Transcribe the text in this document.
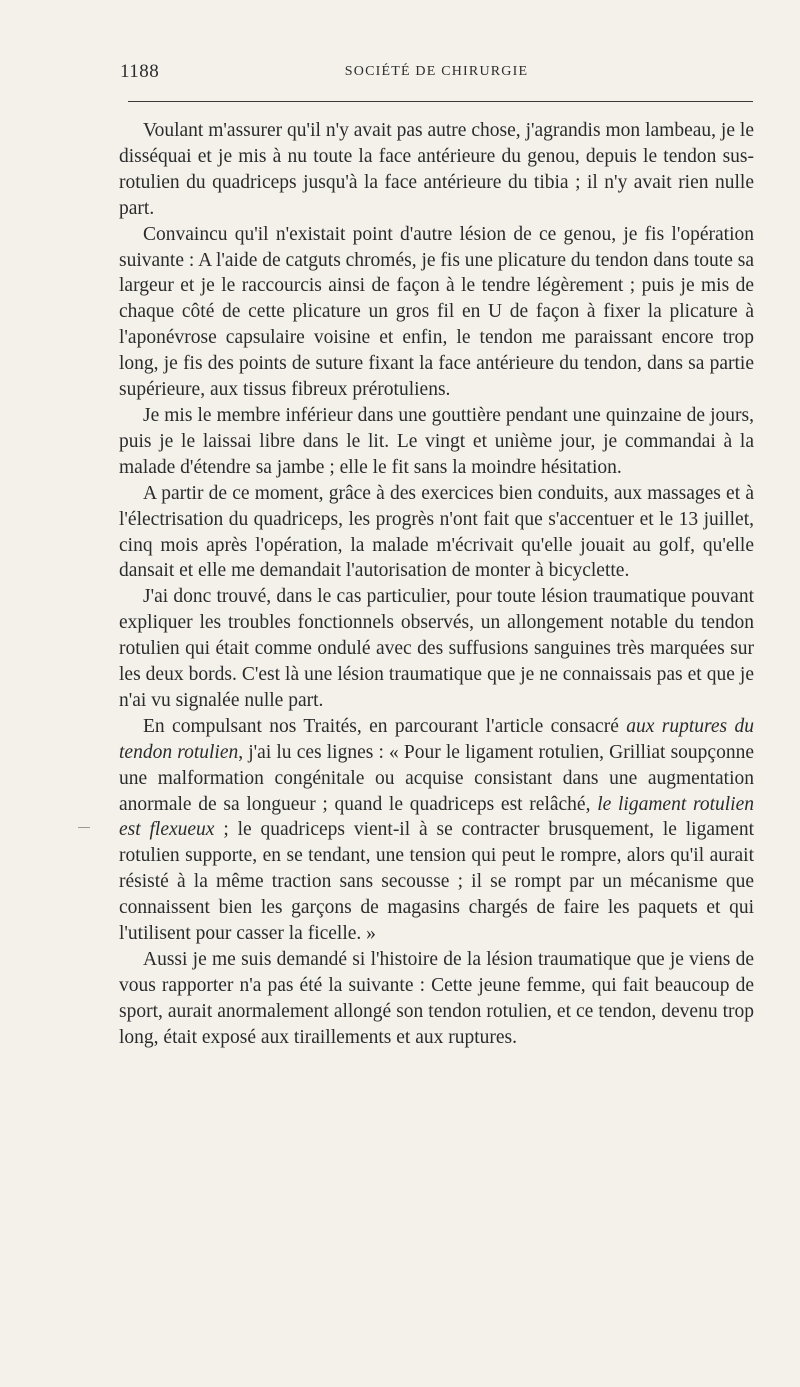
1188	SOCIÉTÉ DE CHIRURGIE

Voulant m'assurer qu'il n'y avait pas autre chose, j'agrandis mon lambeau, je le disséquai et je mis à nu toute la face antérieure du genou, depuis le tendon sus-rotulien du quadriceps jusqu'à la face antérieure du tibia ; il n'y avait rien nulle part.

Convaincu qu'il n'existait point d'autre lésion de ce genou, je fis l'opération suivante : A l'aide de catguts chromés, je fis une plicature du tendon dans toute sa largeur et je le raccourcis ainsi de façon à le tendre légèrement ; puis je mis de chaque côté de cette plicature un gros fil en U de façon à fixer la plicature à l'aponévrose capsulaire voisine et enfin, le tendon me paraissant encore trop long, je fis des points de suture fixant la face antérieure du tendon, dans sa partie supérieure, aux tissus fibreux prérotuliens.

Je mis le membre inférieur dans une gouttière pendant une quinzaine de jours, puis je le laissai libre dans le lit. Le vingt et unième jour, je commandai à la malade d'étendre sa jambe ; elle le fit sans la moindre hésitation.

A partir de ce moment, grâce à des exercices bien conduits, aux massages et à l'électrisation du quadriceps, les progrès n'ont fait que s'accentuer et le 13 juillet, cinq mois après l'opération, la malade m'écrivait qu'elle jouait au golf, qu'elle dansait et elle me demandait l'autorisation de monter à bicyclette.

J'ai donc trouvé, dans le cas particulier, pour toute lésion traumatique pouvant expliquer les troubles fonctionnels observés, un allongement notable du tendon rotulien qui était comme ondulé avec des suffusions sanguines très marquées sur les deux bords. C'est là une lésion traumatique que je ne connaissais pas et que je n'ai vu signalée nulle part.

En compulsant nos Traités, en parcourant l'article consacré aux ruptures du tendon rotulien, j'ai lu ces lignes : « Pour le ligament rotulien, Grilliat soupçonne une malformation congénitale ou acquise consistant dans une augmentation anormale de sa longueur ; quand le quadriceps est relâché, le ligament rotulien est flexueux ; le quadriceps vient-il à se contracter brusquement, le ligament rotulien supporte, en se tendant, une tension qui peut le rompre, alors qu'il aurait résisté à la même traction sans secousse ; il se rompt par un mécanisme que connaissent bien les garçons de magasins chargés de faire les paquets et qui l'utilisent pour casser la ficelle. »

Aussi je me suis demandé si l'histoire de la lésion traumatique que je viens de vous rapporter n'a pas été la suivante : Cette jeune femme, qui fait beaucoup de sport, aurait anormalement allongé son tendon rotulien, et ce tendon, devenu trop long, était exposé aux tiraillements et aux ruptures.
